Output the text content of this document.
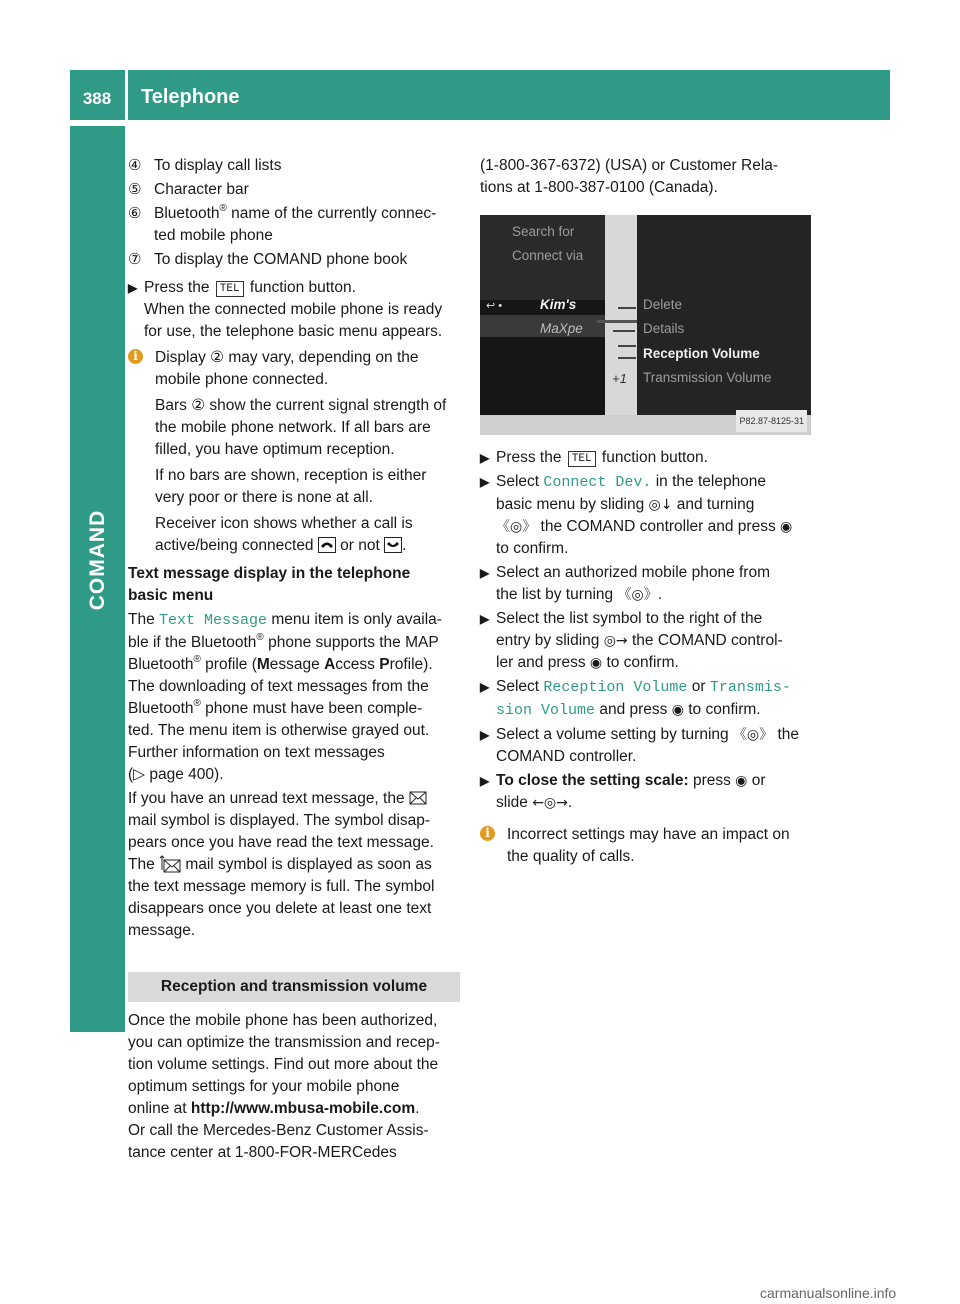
388	Telephone
COMAND

④ To display call lists

⑤ Character bar

⑥ Bluetooth® name of the currently connec-
ted mobile phone

⑦ To display the COMAND phone book

▶ Press the TEL function button.
When the connected mobile phone is ready
for use, the telephone basic menu appears.

i	Display ② may vary, depending on the

mobile phone connected.

Bars ② show the current signal strength of

the mobile phone network. If all bars are

filled, you have optimum reception.

If no bars are shown, reception is either

very poor or there is none at all.

Receiver icon shows whether a call is

active/being connected  or not .

Text message display in the telephone
basic menu

The Text Message menu item is only availa-
ble if the Bluetooth® phone supports the MAP
Bluetooth® profile (Message Access Profile).
The downloading of text messages from the
Bluetooth® phone must have been comple-
ted. The menu item is otherwise grayed out.
Further information on text messages
(▷ page 400).

If you have an unread text message, the
mail symbol is displayed. The symbol disap-
pears once you have read the text message.
The  mail symbol is displayed as soon as
the text message memory is full. The symbol
disappears once you delete at least one text
message.

Reception and transmission volume

Once the mobile phone has been authorized,
you can optimize the transmission and recep-
tion volume settings. Find out more about the
optimum settings for your mobile phone
online at http://www.mbusa-mobile.com.
Or call the Mercedes-Benz Customer Assis-
tance center at 1-800-FOR-MERCedes

(1-800-367-6372) (USA) or Customer Rela-
tions at 1-800-387-0100 (Canada).

Search for
Connect via
↩ •	Kim's
MaXpe
+1
Delete
Details
Reception Volume
Transmission Volume
P82.87-8125-31

▶ Press the TEL function button.

▶ Select Connect Dev. in the telephone
basic menu by sliding ◎↓ and turning
《◎》 the COMAND controller and press ◉
to confirm.

▶ Select an authorized mobile phone from
the list by turning 《◎》.

▶ Select the list symbol to the right of the
entry by sliding ◎→ the COMAND control-
ler and press ◉ to confirm.

▶ Select Reception Volume or Transmis-
sion Volume and press ◉ to confirm.

▶ Select a volume setting by turning 《◎》 the
COMAND controller.

▶ To close the setting scale: press ◉ or
slide ←◎→.

i	Incorrect settings may have an impact on

the quality of calls.

carmanualsonline.info
